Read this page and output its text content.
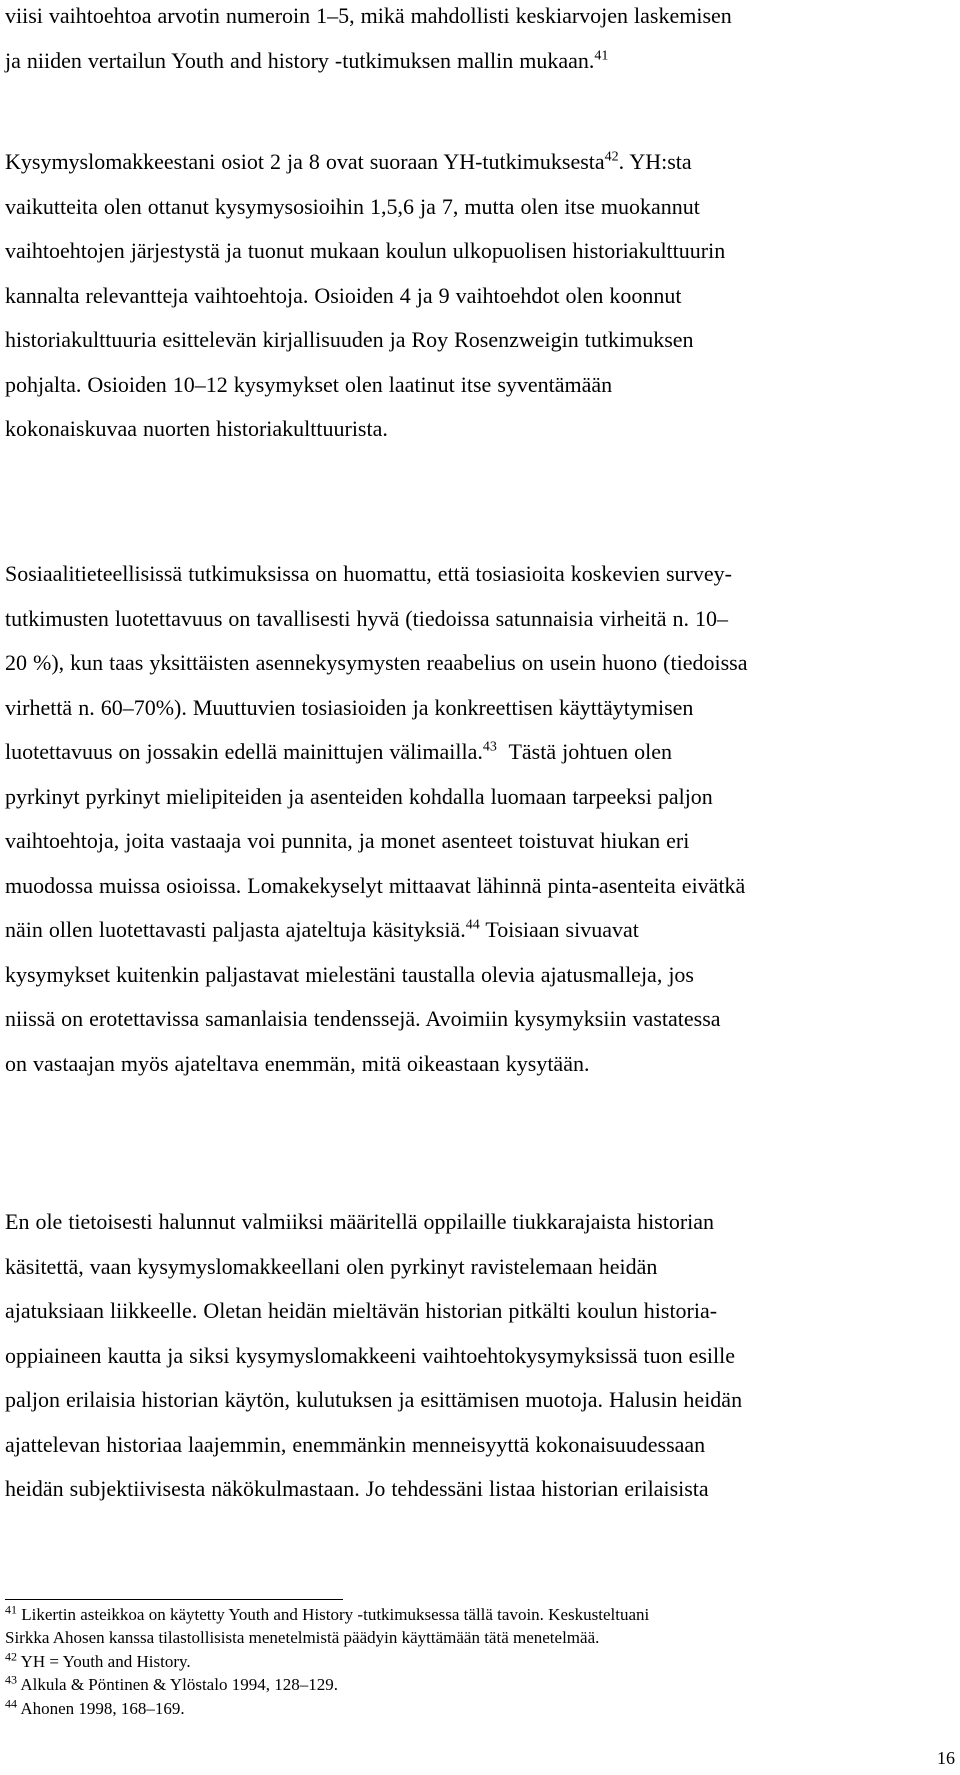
viisi vaihtoehtoa arvotin numeroin 1–5, mikä mahdollisti keskiarvojen laskemisen
ja niiden vertailun Youth and history -tutkimuksen mallin mukaan.$^{41}$

Kysymyslomakkeestani osiot 2 ja 8 ovat suoraan YH-tutkimuksesta$^{42}$. YH:sta
vaikutteita olen ottanut kysymysosioihin 1,5,6 ja 7, mutta olen itse muokannut
vaihtoehtojen järjestystä ja tuonut mukaan koulun ulkopuolisen historiakulttuurin
kannalta relevantteja vaihtoehtoja. Osioiden 4 ja 9 vaihtoehdot olen koonnut
historiakulttuuria esittelevän kirjallisuuden ja Roy Rosenzweigin tutkimuksen
pohjalta. Osioiden 10–12 kysymykset olen laatinut itse syventämään
kokonaiskuvaa nuorten historiakulttuurista.

Sosiaalitieteellisissä tutkimuksissa on huomattu, että tosiasioita koskevien survey-
tutkimusten luotettavuus on tavallisesti hyvä (tiedoissa satunnaisia virheitä n. 10–
20 %), kun taas yksittäisten asennekysymysten reaabelius on usein huono (tiedoissa
virhettä n. 60–70%). Muuttuvien tosiasioiden ja konkreettisen käyttäytymisen
luotettavuus on jossakin edellä mainittujen välimailla.$^{43}$ Tästä johtuen olen
pyrkinyt pyrkinyt mielipiteiden ja asenteiden kohdalla luomaan tarpeeksi paljon
vaihtoehtoja, joita vastaaja voi punnita, ja monet asenteet toistuvat hiukan eri
muodossa muissa osioissa. Lomakekyselyt mittaavat lähinnä pinta-asenteita eivätkä
näin ollen luotettavasti paljasta ajateltuja käsityksiä.$^{44}$ Toisiaan sivuavat
kysymykset kuitenkin paljastavat mielestäni taustalla olevia ajatusmalleja, jos
niissä on erotettavissa samanlaisia tendenssejä. Avoimiin kysymyksiin vastatessa
on vastaajan myös ajateltava enemmän, mitä oikeastaan kysytään.

En ole tietoisesti halunnut valmiiksi määritellä oppilaille tiukkarajaista historian
käsitettä, vaan kysymyslomakkeellani olen pyrkinyt ravistelemaan heidän
ajatuksiaan liikkeelle. Oletan heidän mieltävän historian pitkälti koulun historia-
oppiaineen kautta ja siksi kysymyslomakkeeni vaihtoehtokysymyksissä tuon esille
paljon erilaisia historian käytön, kulutuksen ja esittämisen muotoja. Halusin heidän
ajattelevan historiaa laajemmin, enemmänkin menneisyyttä kokonaisuudessaan
heidän subjektiivisesta näkökulmastaan. Jo tehdessäni listaa historian erilaisista

$^{41}$ Likertin asteikkoa on käytetty Youth and History -tutkimuksessa tällä tavoin. Keskusteltuani
Sirkka Ahosen kanssa tilastollisista menetelmistä päädyin käyttämään tätä menetelmää.
$^{42}$ YH = Youth and History.
$^{43}$ Alkula & Pöntinen & Ylöstalo 1994, 128–129.
$^{44}$ Ahonen 1998, 168–169.
16
